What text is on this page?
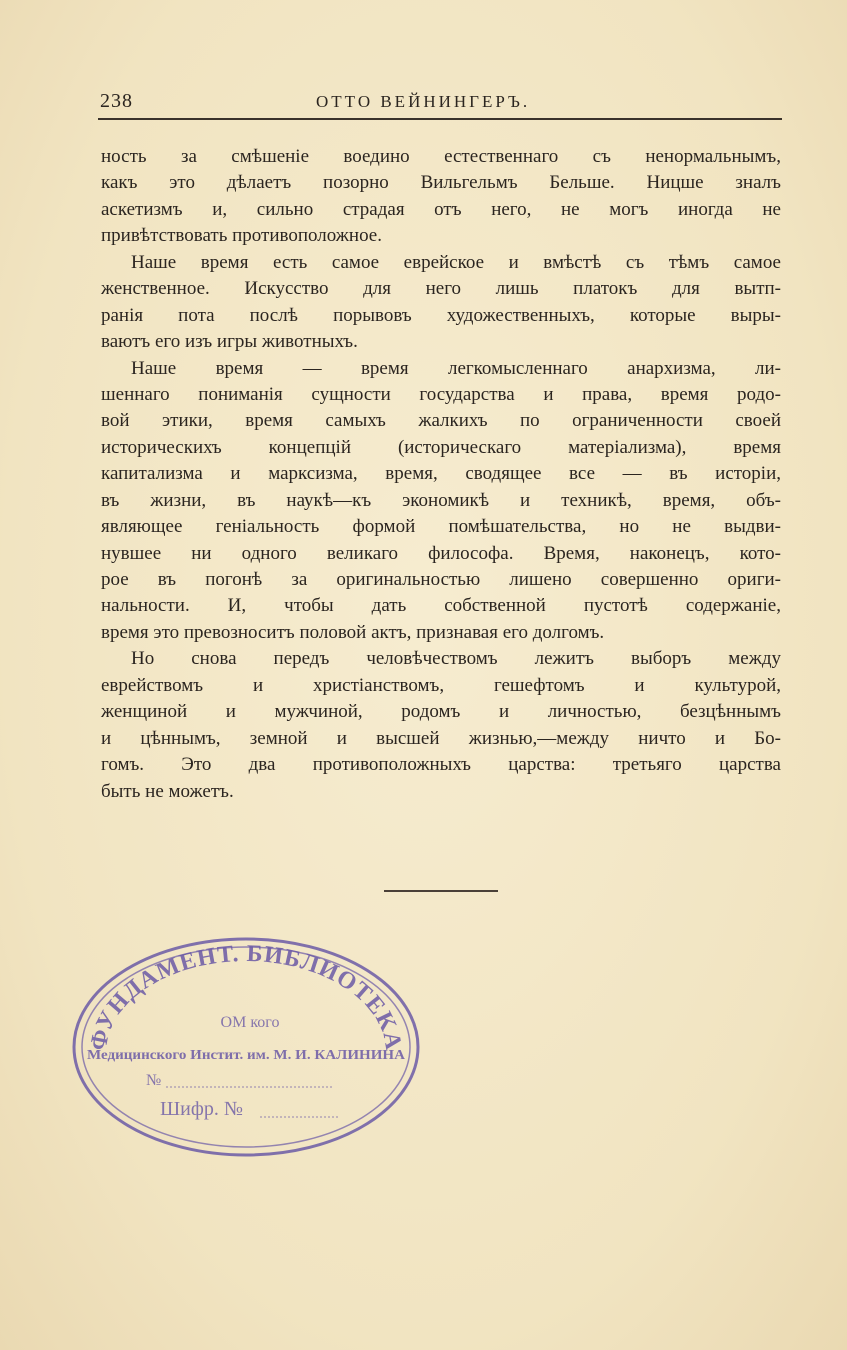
238	ОТТО ВЕЙНИНГЕРЪ.
ность за смѣшеніе воедино естественнаго съ ненормальнымъ,
какъ это дѣлаетъ позорно Вильгельмъ Бельше. Ницше зналъ
аскетизмъ и, сильно страдая отъ него, не могъ иногда не
привѣтствовать противоположное.
Наше время есть самое еврейское и вмѣстѣ съ тѣмъ самое
женственное. Искусство для него лишь платокъ для вытп-
ранія пота послѣ порывовъ художественныхъ, которые выры-
ваютъ его изъ игры животныхъ.
Наше время — время легкомысленнаго анархизма, ли-
шеннаго пониманія сущности государства и права, время родо-
вой этики, время самыхъ жалкихъ по ограниченности своей
историческихъ концепцій (историческаго матеріализма), время
капитализма и марксизма, время, сводящее все — въ исторіи,
въ жизни, въ наукѣ—къ экономикѣ и техникѣ, время, объ-
являющее геніальность формой помѣшательства, но не выдви-
нувшее ни одного великаго философа. Время, наконецъ, кото-
рое въ погонѣ за оригинальностью лишено совершенно ориги-
нальности. И, чтобы дать собственной пустотѣ содержаніе,
время это превозноситъ половой актъ, признавая его долгомъ.
Но снова передъ человѣчествомъ лежитъ выборъ между
еврействомъ и христіанствомъ, гешефтомъ и культурой,
женщиной и мужчиной, родомъ и личностью, безцѣннымъ
и цѣннымъ, земной и высшей жизнью,—между ничто и Бо-
гомъ. Это два противоположныхъ царства: третьяго царства
быть не можетъ.
ФУНДАМЕНТ. БИБЛИОТЕКА
ОМ кого
Медицинского Инстит. им. М. И. КАЛИНИНА
№
Шифр. №
